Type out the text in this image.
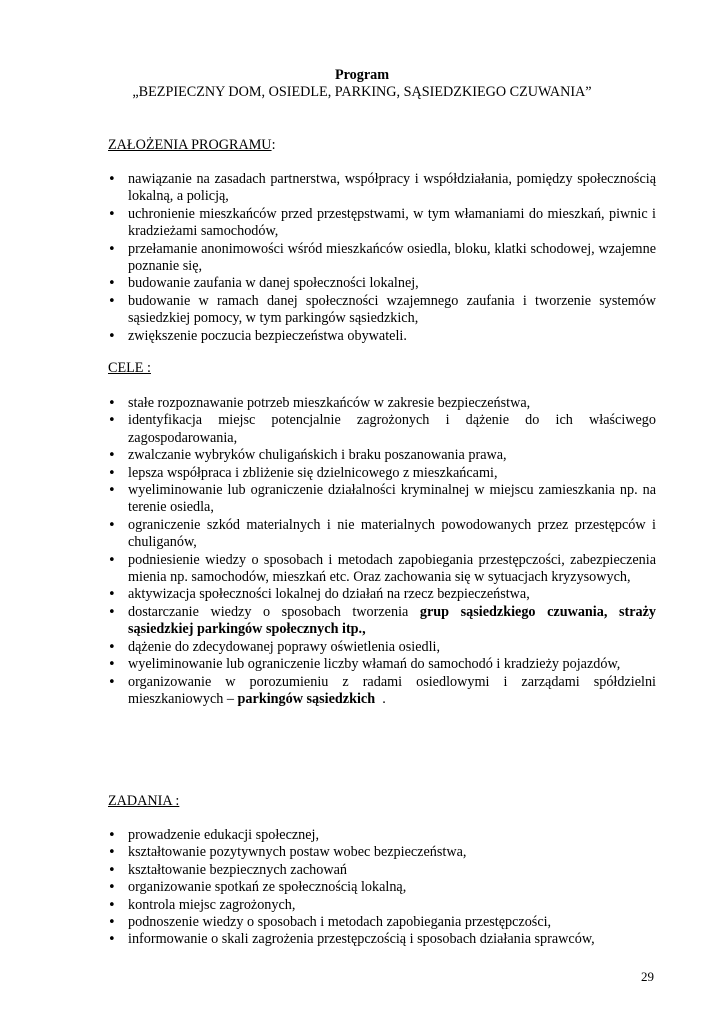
Program
„BEZPIECZNY DOM, OSIEDLE, PARKING, SĄSIEDZKIEGO CZUWANIA”
ZAŁOŻENIA PROGRAMU:
• nawiązanie na zasadach partnerstwa, współpracy i współdziałania, pomiędzy społecznością lokalną, a policją,
• uchronienie mieszkańców przed przestępstwami, w tym włamaniami do mieszkań, piwnic i kradzieżami samochodów,
• przełamanie anonimowości wśród mieszkańców osiedla, bloku, klatki schodowej, wzajemne poznanie się,
• budowanie zaufania w danej społeczności lokalnej,
• budowanie w ramach danej społeczności wzajemnego zaufania i tworzenie systemów sąsiedzkiej pomocy, w tym parkingów sąsiedzkich,
• zwiększenie poczucia bezpieczeństwa obywateli.
CELE :
• stałe rozpoznawanie potrzeb mieszkańców w zakresie bezpieczeństwa,
• identyfikacja miejsc potencjalnie zagrożonych i dążenie do ich właściwego zagospodarowania,
• zwalczanie wybryków chuligańskich i braku poszanowania prawa,
• lepsza współpraca i zbliżenie się dzielnicowego z mieszkańcami,
• wyeliminowanie lub ograniczenie działalności kryminalnej w miejscu zamieszkania np. na terenie osiedla,
• ograniczenie szkód materialnych i nie materialnych powodowanych przez przestępców i chuliganów,
• podniesienie wiedzy o sposobach i metodach zapobiegania przestępczości, zabezpieczenia mienia np. samochodów, mieszkań etc. Oraz zachowania się w sytuacjach kryzysowych,
• aktywizacja społeczności lokalnej do działań na rzecz bezpieczeństwa,
• dostarczanie wiedzy o sposobach tworzenia grup sąsiedzkiego czuwania, straży sąsiedzkiej parkingów społecznych itp.,
• dążenie do zdecydowanej poprawy oświetlenia osiedli,
• wyeliminowanie lub ograniczenie liczby włamań do samochodó i kradzieży pojazdów,
• organizowanie w porozumieniu z radami osiedlowymi i zarządami spółdzielni mieszkaniowych – parkingów sąsiedzkich  .
ZADANIA :
• prowadzenie edukacji społecznej,
• kształtowanie pozytywnych postaw wobec bezpieczeństwa,
• kształtowanie bezpiecznych zachowań
• organizowanie spotkań ze społecznością lokalną,
• kontrola miejsc zagrożonych,
• podnoszenie wiedzy o sposobach i metodach zapobiegania przestępczości,
• informowanie o skali zagrożenia przestępczością i sposobach działania sprawców,
29
